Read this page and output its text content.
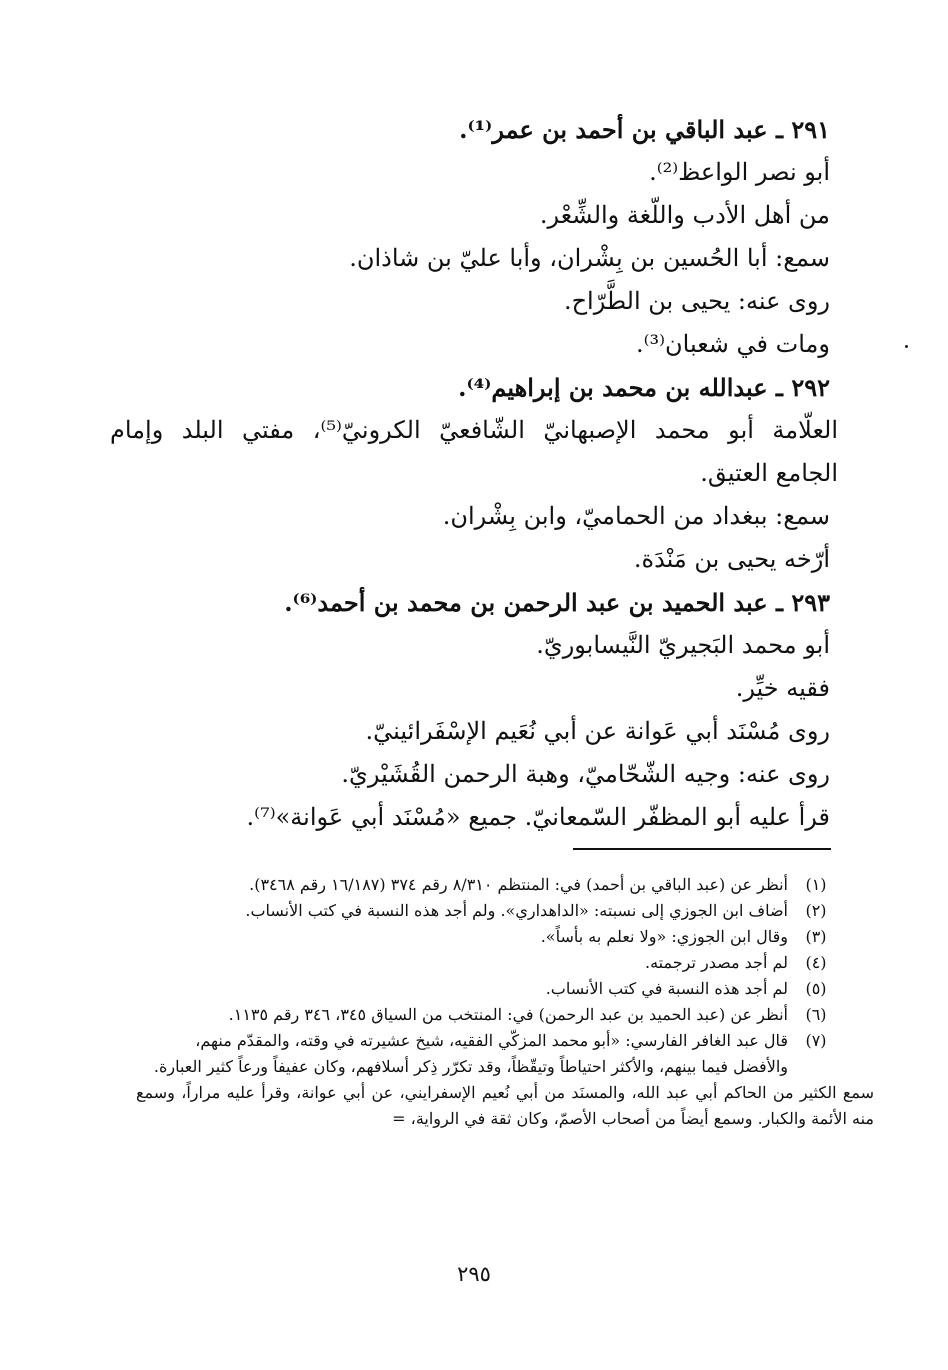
٢٩١ ـ عبد الباقي بن أحمد بن عمر⁽¹⁾.
أبو نصر الواعظ⁽²⁾.
من أهل الأدب واللّغة والشِّعْر.
سمع: أبا الحُسين بن بِشْران، وأبا عليّ بن شاذان.
روى عنه: يحيى بن الطَّرّاح.
ومات في شعبان⁽³⁾.
٢٩٢ ـ عبدالله بن محمد بن إبراهيم⁽⁴⁾.
العلّامة أبو محمد الإصبهانيّ الشّافعيّ الكرونيّ⁽⁵⁾، مفتي البلد وإمام
الجامع العتيق.
سمع: ببغداد من الحماميّ، وابن بِشْران.
أرّخه يحيى بن مَنْدَة.
٢٩٣ ـ عبد الحميد بن عبد الرحمن بن محمد بن أحمد⁽⁶⁾.
أبو محمد البَجيريّ النَّيسابوريّ.
فقيه خيِّر.
روى مُسْنَد أبي عَوانة عن أبي نُعَيم الإسْفَرائينيّ.
روى عنه: وجيه الشّحّاميّ، وهبة الرحمن القُشَيْريّ.
قرأ عليه أبو المظفّر السّمعانيّ. جميع «مُسْنَد أبي عَوانة»⁽⁷⁾.
(١)
أنظر عن (عبد الباقي بن أحمد) في: المنتظم ٨/٣١٠ رقم ٣٧٤ (١٦/١٨٧ رقم ٣٤٦٨).
(٢)
أضاف ابن الجوزي إلى نسبته: «الداهداري». ولم أجد هذه النسبة في كتب الأنساب.
(٣)
وقال ابن الجوزي: «ولا نعلم به بأساً».
(٤)
لم أجد مصدر ترجمته.
(٥)
لم أجد هذه النسبة في كتب الأنساب.
(٦)
أنظر عن (عبد الحميد بن عبد الرحمن) في: المنتخب من السياق ٣٤٥، ٣٤٦ رقم ١١٣٥.
(٧)
قال عبد الغافر الفارسي: «أبو محمد المزكّي الفقيه، شيخ عشيرته في وقته، والمقدّم منهم، والأفضل فيما بينهم، والأكثر احتياطاً وتيقّظاً، وقد تكرّر ذِكر أسلافهم، وكان عفيفاً ورعاً كثير العبارة.
سمع الكثير من الحاكم أبي عبد الله، والمسنَد من أبي نُعيم الإسفرايني، عن أبي عوانة، وقرأ عليه مراراً، وسمع منه الأئمة والكبار. وسمع أيضاً من أصحاب الأصمّ، وكان ثقة في الرواية، =
٢٩٥
